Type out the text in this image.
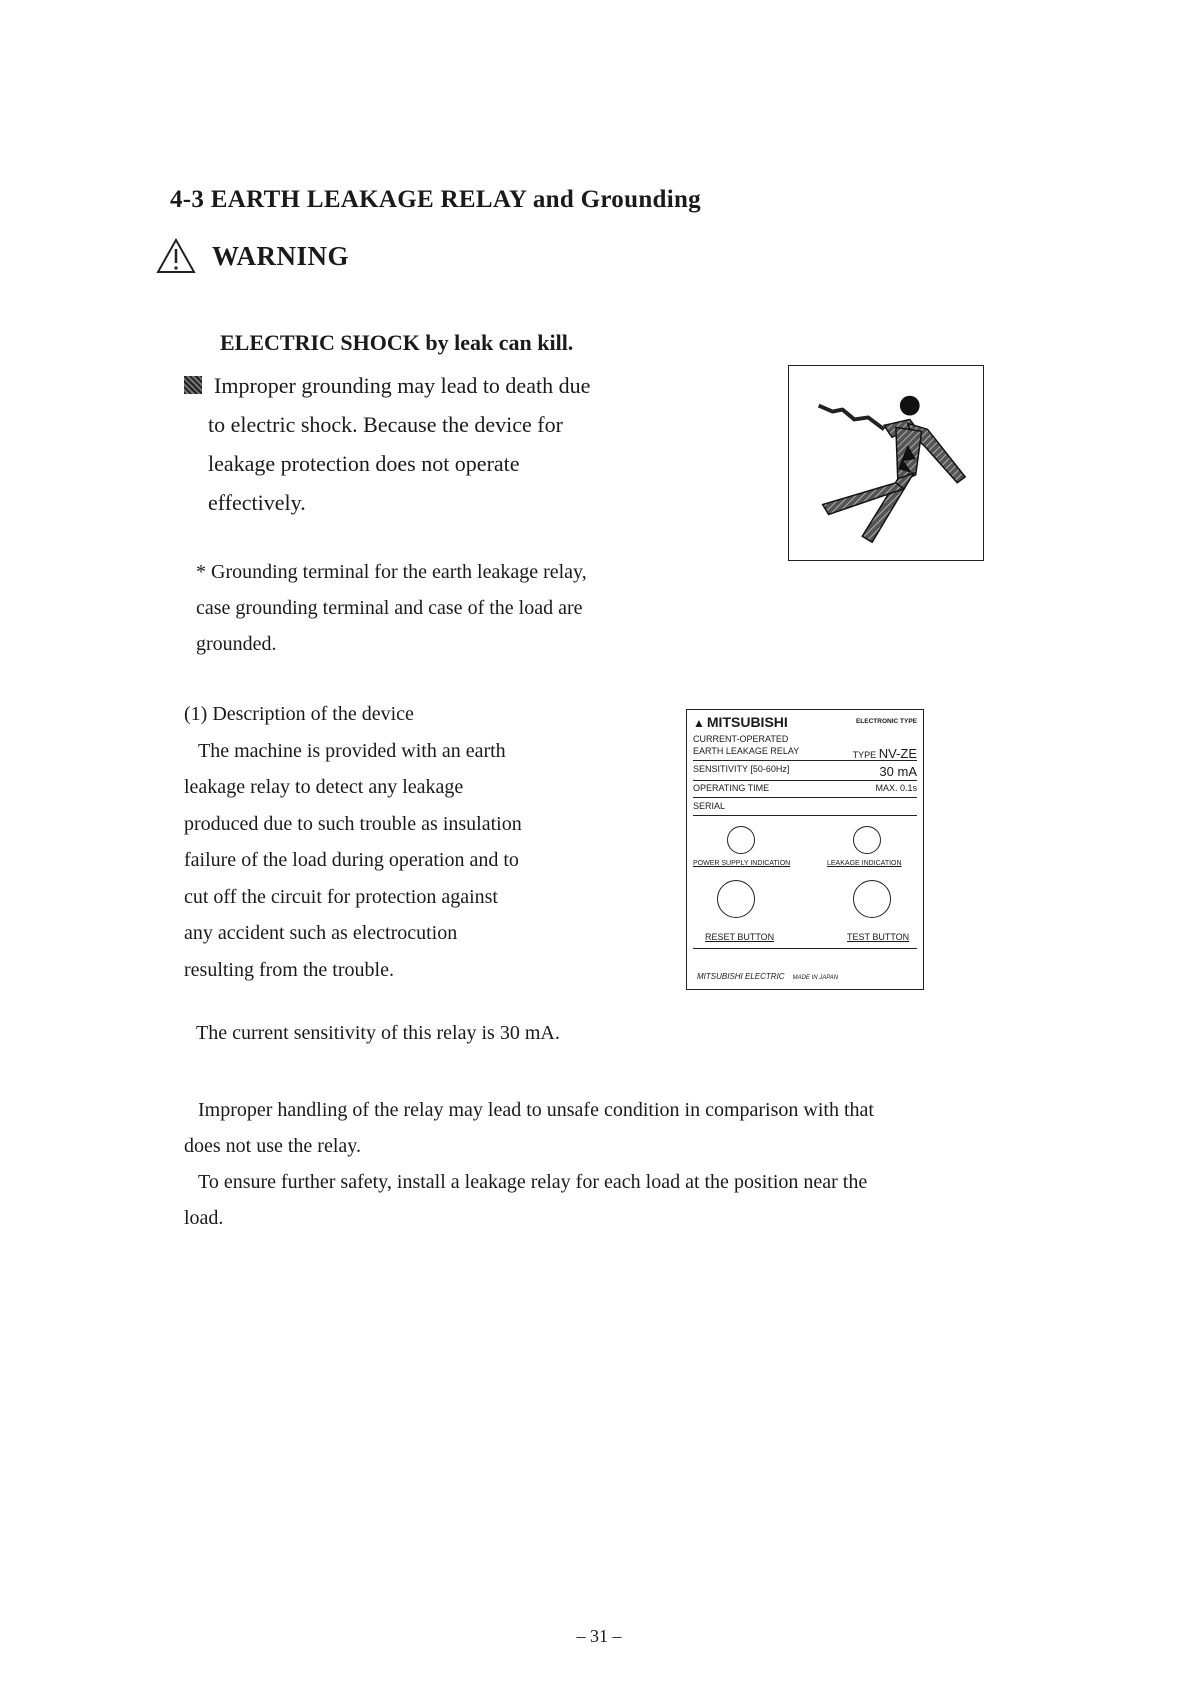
4-3 EARTH LEAKAGE RELAY and Grounding
WARNING
ELECTRIC SHOCK by leak can kill.
Improper grounding may lead to death due
to electric shock. Because the device for
leakage protection does not operate
effectively.
* Grounding terminal for the earth leakage relay,
case grounding terminal and case of the load are
grounded.
(1) Description of the device
The machine is provided with an earth
leakage relay to detect any leakage
produced due to such trouble as insulation
failure of the load during operation and to
cut off the circuit for protection against
any accident such as electrocution
resulting from the trouble.
▲ MITSUBISHI	ELECTRONIC TYPE
CURRENT-OPERATED
EARTH LEAKAGE RELAY	TYPE NV-ZE
SENSITIVITY [50-60Hz]	30 mA
OPERATING TIME	MAX. 0.1s
SERIAL
POWER SUPPLY INDICATION	LEAKAGE INDICATION
RESET BUTTON	TEST BUTTON
MITSUBISHI ELECTRIC MADE IN JAPAN
The current sensitivity of this relay is 30 mA.
Improper handling of the relay may lead to unsafe condition in comparison with that
does not use the relay.
To ensure further safety, install a leakage relay for each load at the position near the
load.
– 31 –
